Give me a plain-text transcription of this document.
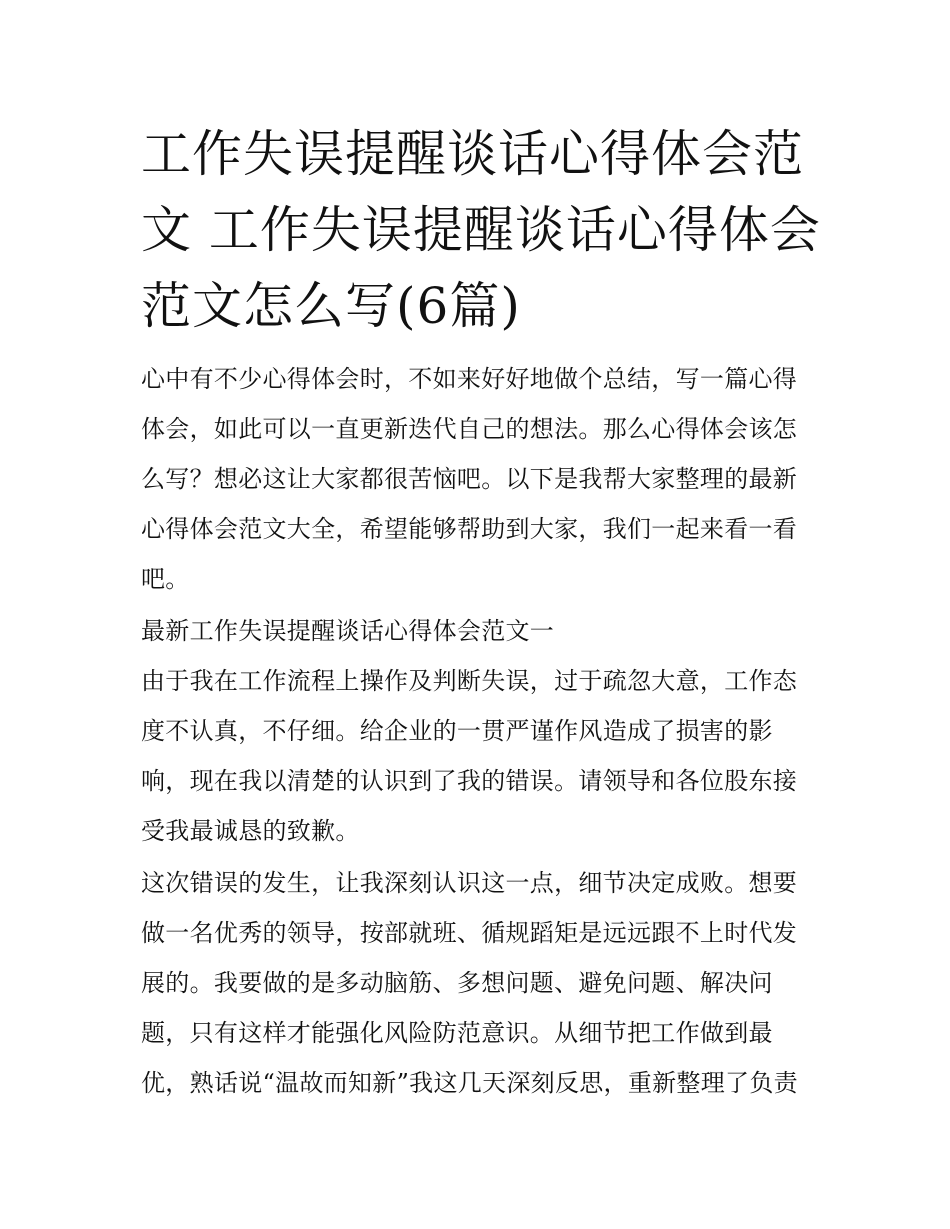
工作失误提醒谈话心得体会范文 工作失误提醒谈话心得体会范文怎么写(6篇)

心中有不少心得体会时，不如来好好地做个总结，写一篇心得体会，如此可以一直更新迭代自己的想法。那么心得体会该怎么写？想必这让大家都很苦恼吧。以下是我帮大家整理的最新心得体会范文大全，希望能够帮助到大家，我们一起来看一看吧。

最新工作失误提醒谈话心得体会范文一

由于我在工作流程上操作及判断失误，过于疏忽大意，工作态度不认真，不仔细。给企业的一贯严谨作风造成了损害的影响，现在我以清楚的认识到了我的错误。请领导和各位股东接受我最诚恳的致歉。

这次错误的发生，让我深刻认识这一点，细节决定成败。想要做一名优秀的领导，按部就班、循规蹈矩是远远跟不上时代发展的。我要做的是多动脑筋、多想问题、避免问题、解决问题，只有这样才能强化风险防范意识。从细节把工作做到最优，熟话说“温故而知新”我这几天深刻反思，重新整理了负责
